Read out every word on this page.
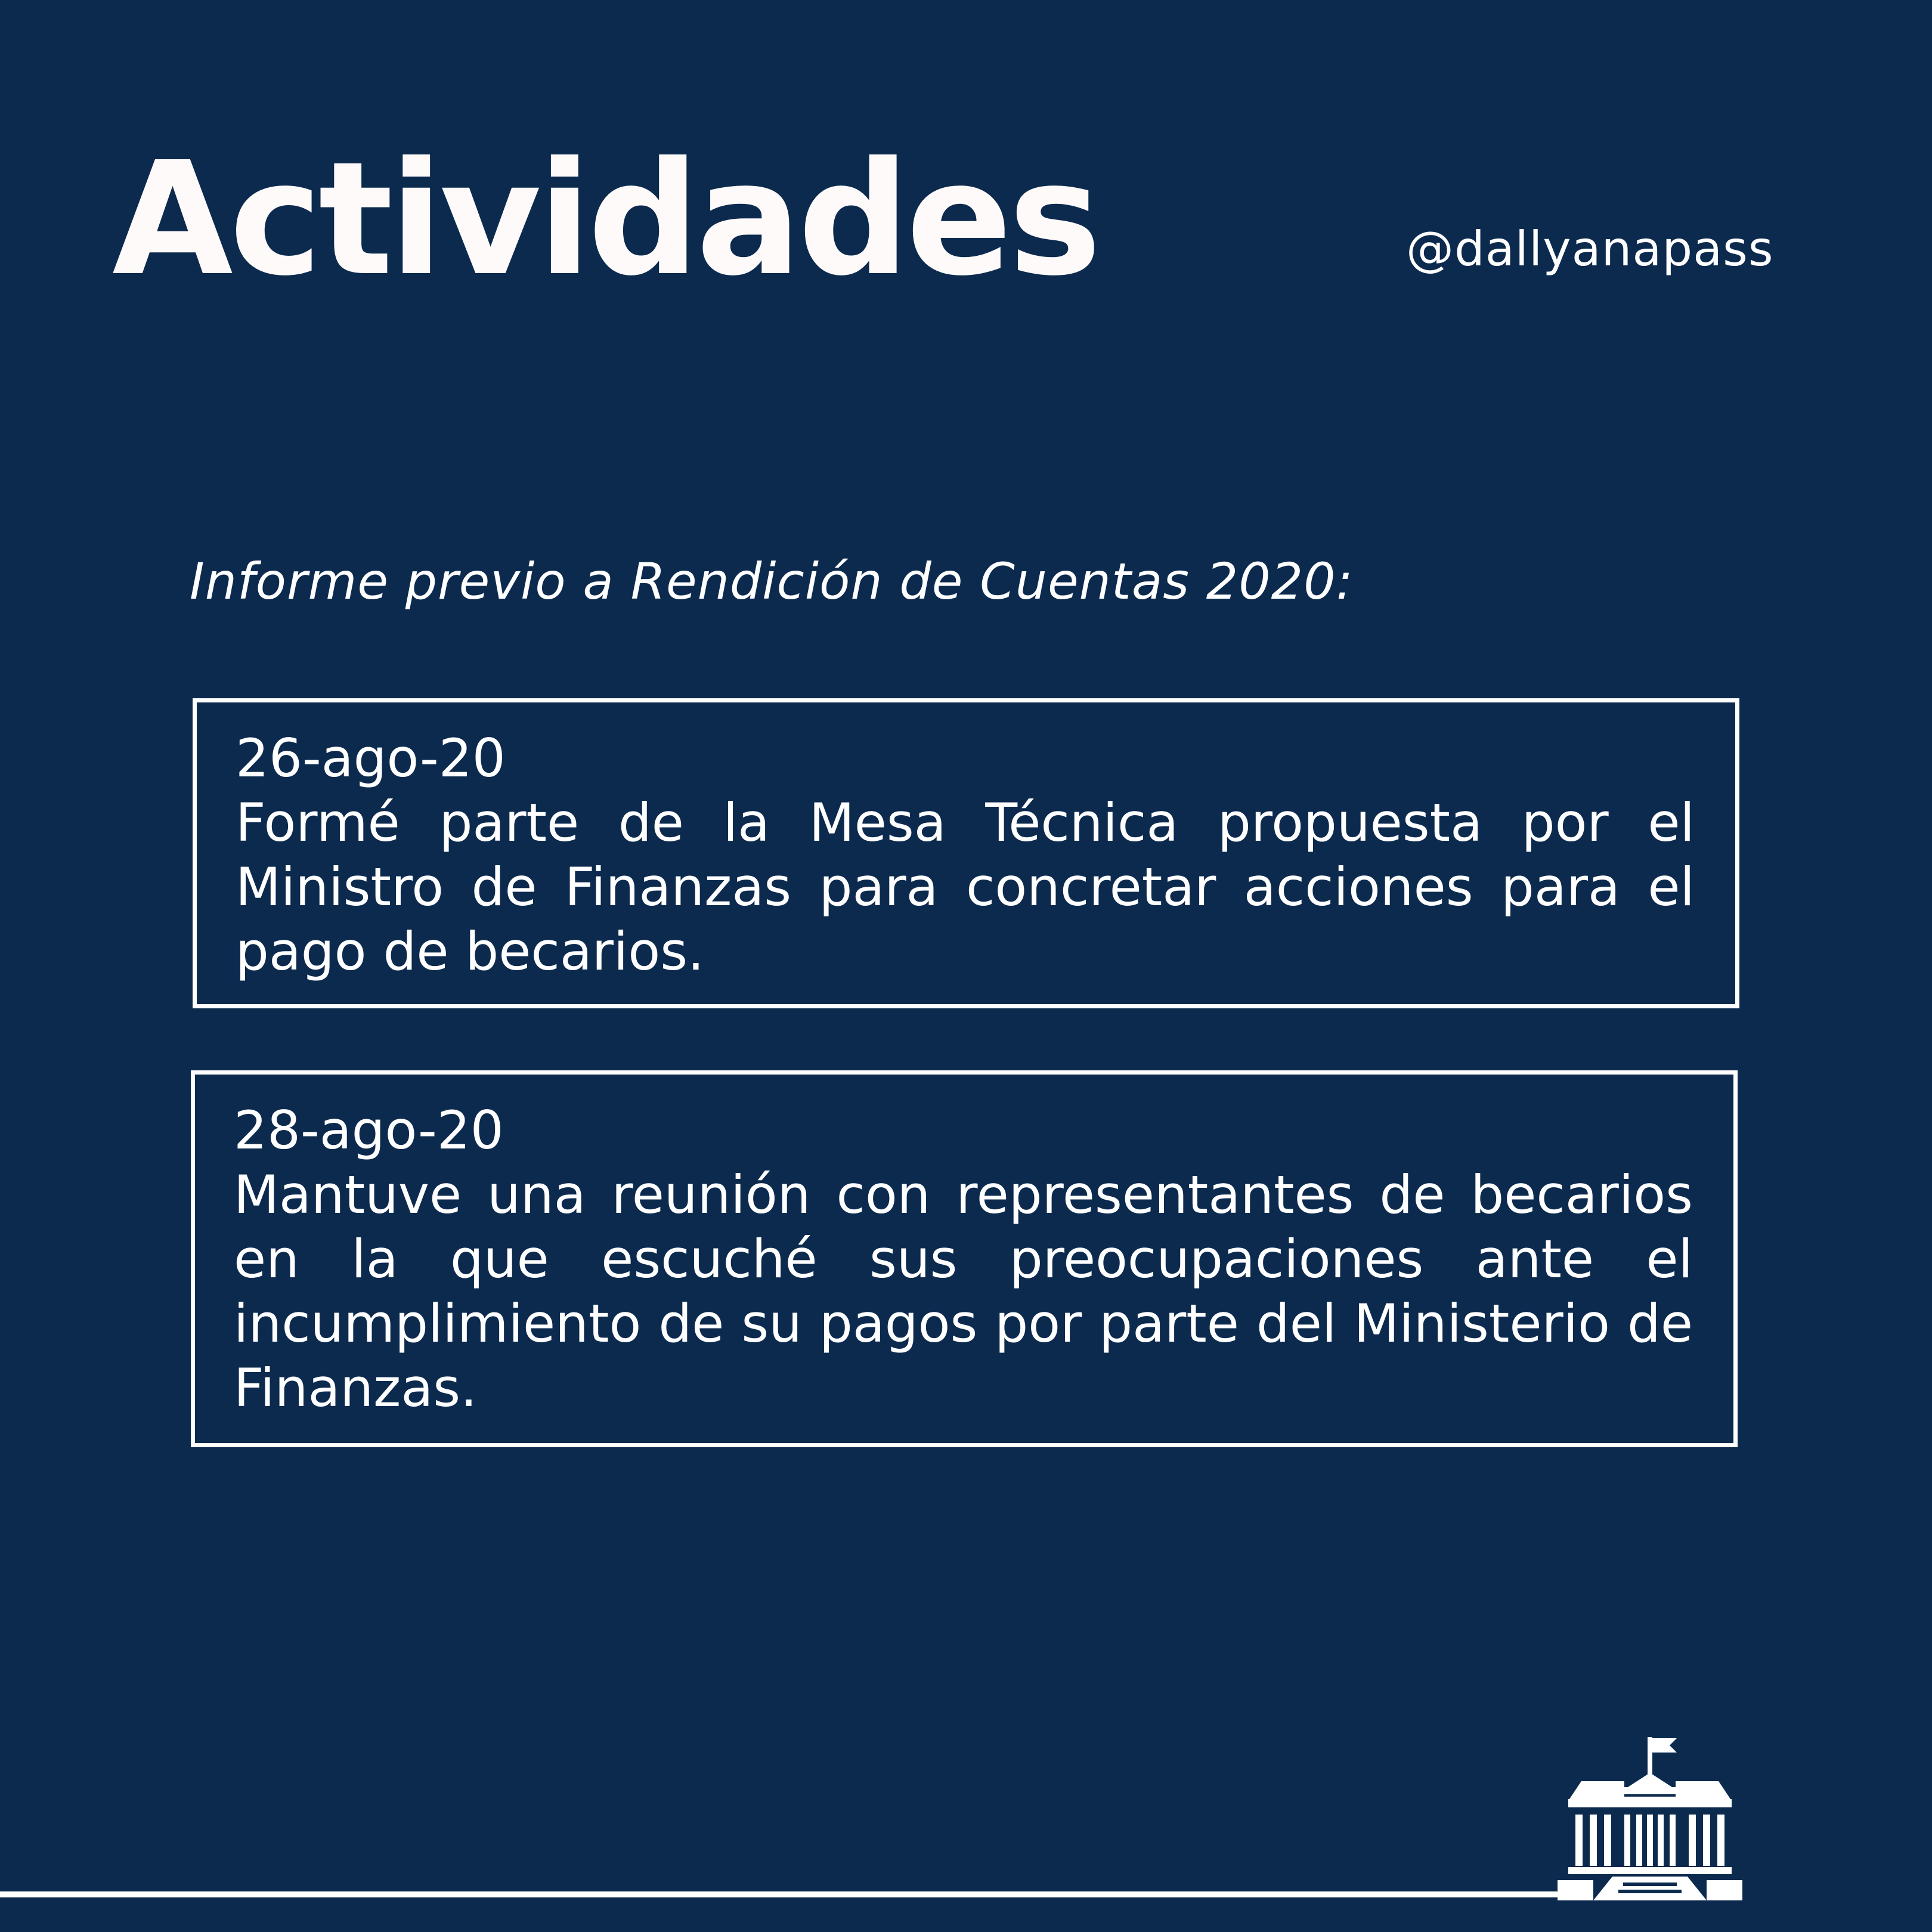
Actividades	@dallyanapass
Informe previo a Rendición de Cuentas 2020:
26-ago-20
Formé parte de la Mesa Técnica propuesta por el Ministro de Finanzas para concretar acciones para el pago de becarios.
28-ago-20
Mantuve una reunión con representantes de becarios en la que escuché sus preocupaciones ante el incumplimiento de su pagos por parte del Ministerio de Finanzas.
